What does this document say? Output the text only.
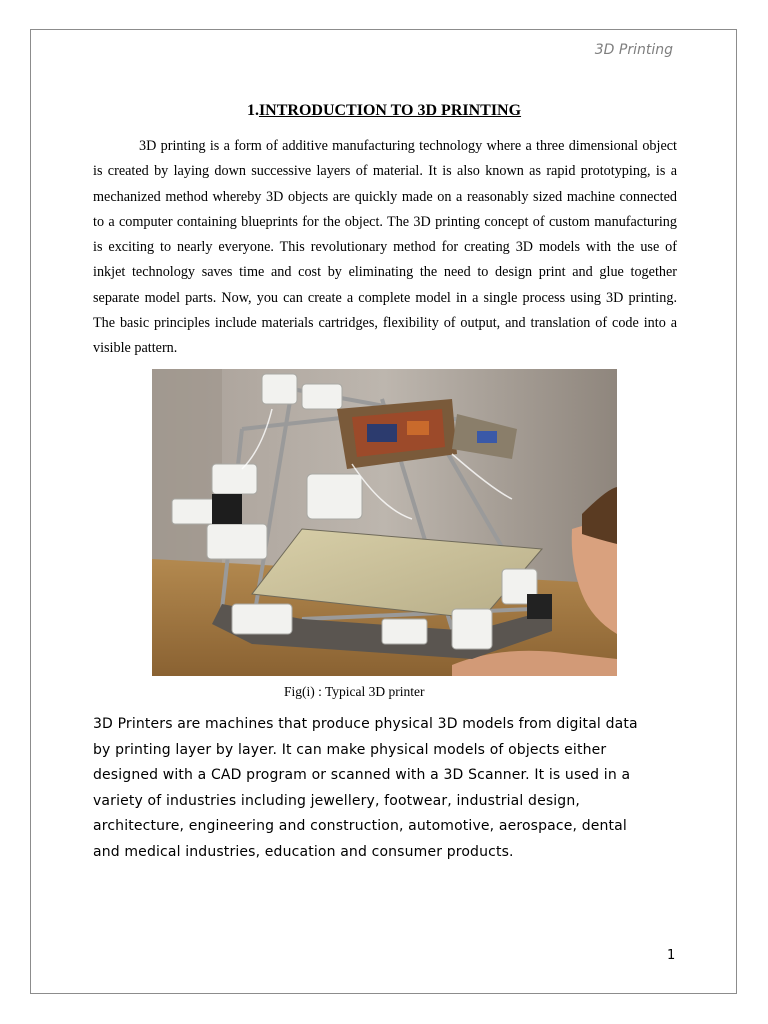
3D Printing
1.INTRODUCTION TO 3D PRINTING

3D printing is a form of additive manufacturing technology where a three dimensional object is created by laying down successive layers of material. It is also known as rapid prototyping, is a mechanized method whereby 3D objects are quickly made on a reasonably sized machine connected to a computer containing blueprints for the object. The 3D printing concept of custom manufacturing is exciting to nearly everyone. This revolutionary method for creating 3D models with the use of inkjet technology saves time and cost by eliminating the need to design print and glue together separate model parts. Now, you can create a complete model in a single process using 3D printing. The basic principles include materials cartridges, flexibility of output, and translation of code into a visible pattern.

Fig(i) : Typical 3D printer

3D Printers are machines that produce physical 3D models from digital data by printing layer by layer. It can make physical models of objects either designed with a CAD program or scanned with a 3D Scanner. It is used in a variety of industries including jewellery, footwear, industrial design, architecture, engineering and construction, automotive, aerospace, dental and medical industries, education and consumer products.

1
